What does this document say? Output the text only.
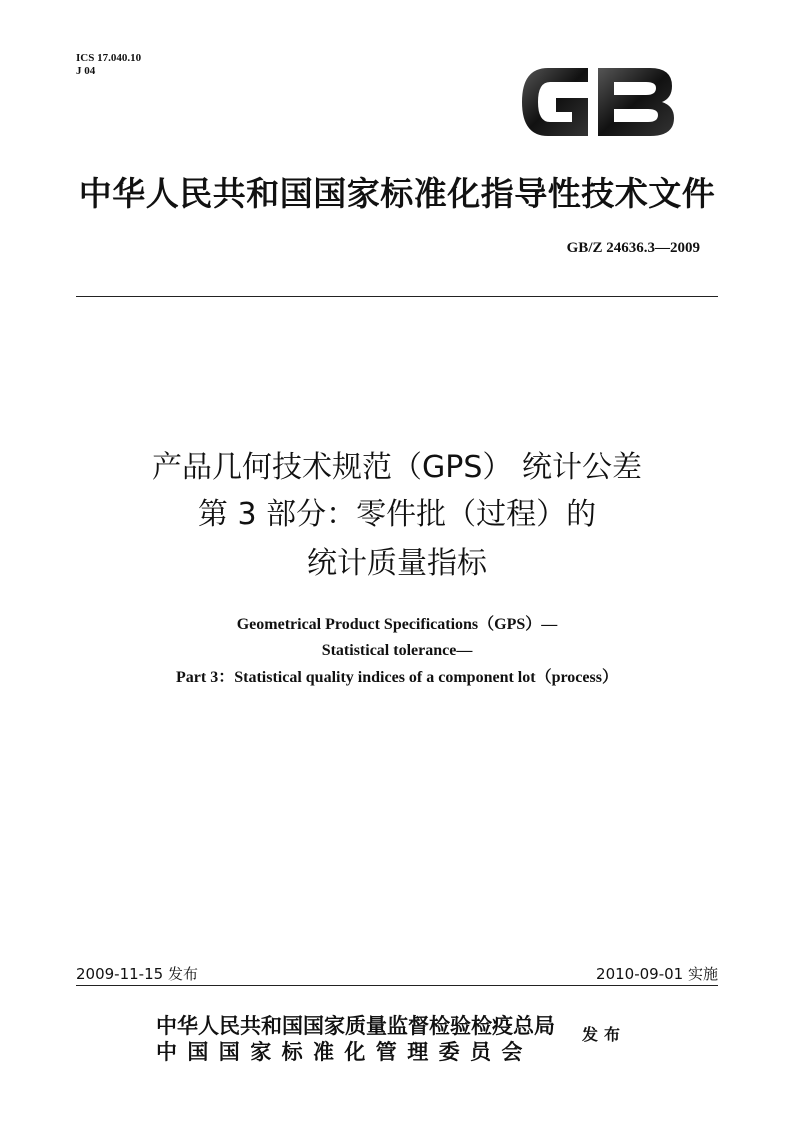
ICS 17.040.10
J 04
中华人民共和国国家标准化指导性技术文件
GB/Z 24636.3—2009
产品几何技术规范（GPS） 统计公差
第 3 部分：零件批（过程）的
统计质量指标
Geometrical Product Specifications（GPS）—
Statistical tolerance—
Part 3：Statistical quality indices of a component lot（process）
2009-11-15 发布	2010-09-01 实施
中华人民共和国国家质量监督检验检疫总局
中国国家标准化管理委员会
发布
